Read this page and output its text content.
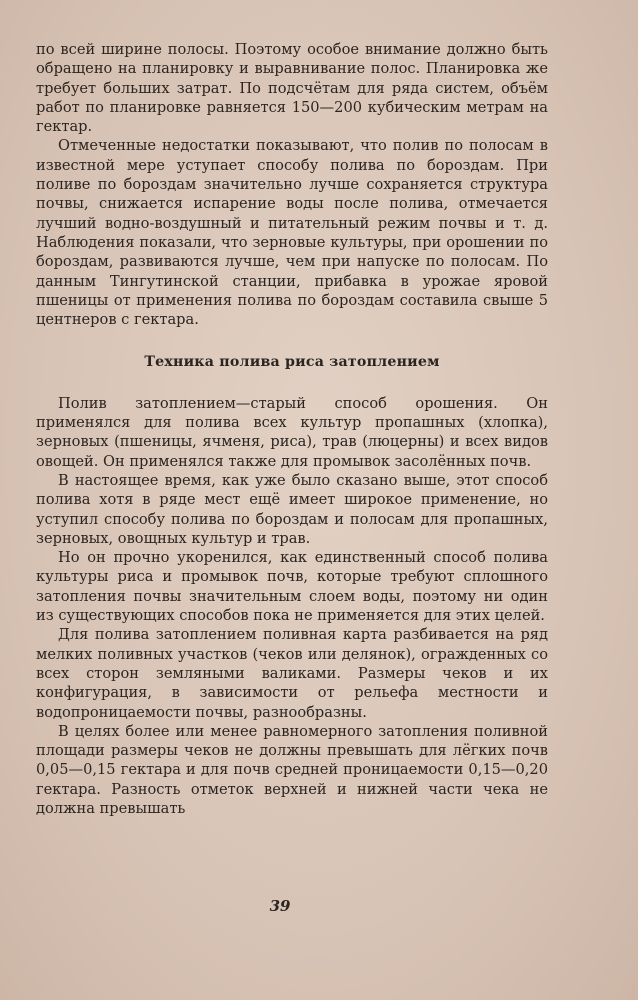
по всей ширине полосы. Поэтому особое внимание должно быть обращено на планировку и выравнивание полос. Планировка же требует больших затрат. По подсчётам для ряда систем, объём работ по планировке равняется 150—200 кубическим метрам на гектар.

Отмеченные недостатки показывают, что полив по полосам в известной мере уступает способу полива по бороздам. При поливе по бороздам значительно лучше сохраняется структура почвы, снижается испарение воды после полива, отмечается лучший водно-воздушный и питательный режим почвы и т. д. Наблюдения показали, что зерновые культуры, при орошении по бороздам, развиваются лучше, чем при напуске по полосам. По данным Тингутинской станции, прибавка в урожае яровой пшеницы от применения полива по бороздам составила свыше 5 центнеров с гектара.

Техника полива риса затоплением

Полив затоплением—старый способ орошения. Он применялся для полива всех культур пропашных (хлопка), зерновых (пшеницы, ячменя, риса), трав (люцерны) и всех видов овощей. Он применялся также для промывок засолённых почв.

В настоящее время, как уже было сказано выше, этот способ полива хотя в ряде мест ещё имеет широкое применение, но уступил способу полива по бороздам и полосам для пропашных, зерновых, овощных культур и трав.

Но он прочно укоренился, как единственный способ полива культуры риса и промывок почв, которые требуют сплошного затопления почвы значительным слоем воды, поэтому ни один из существующих способов пока не применяется для этих целей.

Для полива затоплением поливная карта разбивается на ряд мелких поливных участков (чеков или делянок), огражденных со всех сторон земляными валиками. Размеры чеков и их конфигурация, в зависимости от рельефа местности и водопроницаемости почвы, разнообразны.

В целях более или менее равномерного затопления поливной площади размеры чеков не должны превышать для лёгких почв 0,05—0,15 гектара и для почв средней проницаемости 0,15—0,20 гектара. Разность отметок верхней и нижней части чека не должна превышать

39
